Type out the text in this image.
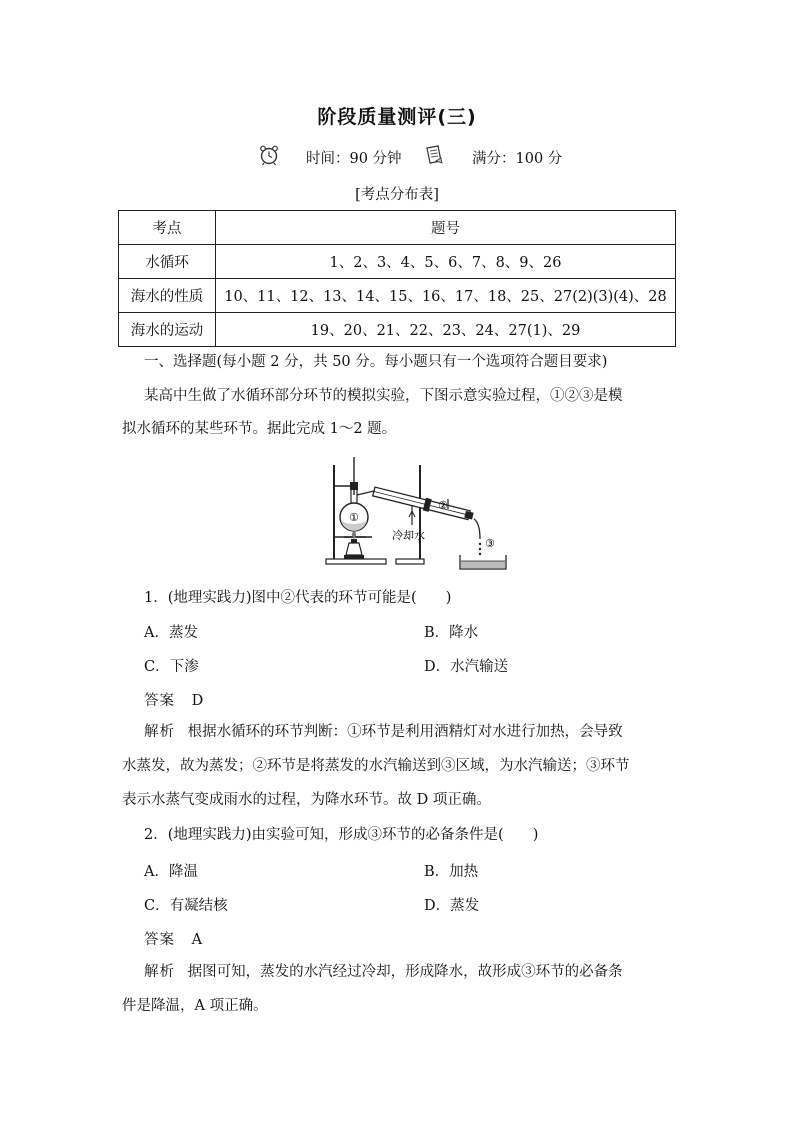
阶段质量测评(三)
时间：90 分钟	满分：100 分
[考点分布表]
考点	题号
水循环	1、2、3、4、5、6、7、8、9、26
海水的性质	10、11、12、13、14、15、16、17、18、25、27(2)(3)(4)、28
海水的运动	19、20、21、22、23、24、27(1)、29
一、选择题(每小题 2 分，共 50 分。每小题只有一个选项符合题目要求)
某高中生做了水循环部分环节的模拟实验，下图示意实验过程，①②③是模
拟水循环的某些环节。据此完成 1～2 题。
①
冷却水
②
③
1．(地理实践力)图中②代表的环节可能是(　　)
A．蒸发	B．降水
C．下渗	D．水汽输送
答案 D
解析 根据水循环的环节判断：①环节是利用酒精灯对水进行加热，会导致
水蒸发，故为蒸发；②环节是将蒸发的水汽输送到③区域，为水汽输送；③环节
表示水蒸气变成雨水的过程，为降水环节。故 D 项正确。
2．(地理实践力)由实验可知，形成③环节的必备条件是(　　)
A．降温	B．加热
C．有凝结核	D．蒸发
答案 A
解析 据图可知，蒸发的水汽经过冷却，形成降水，故形成③环节的必备条
件是降温，A 项正确。
